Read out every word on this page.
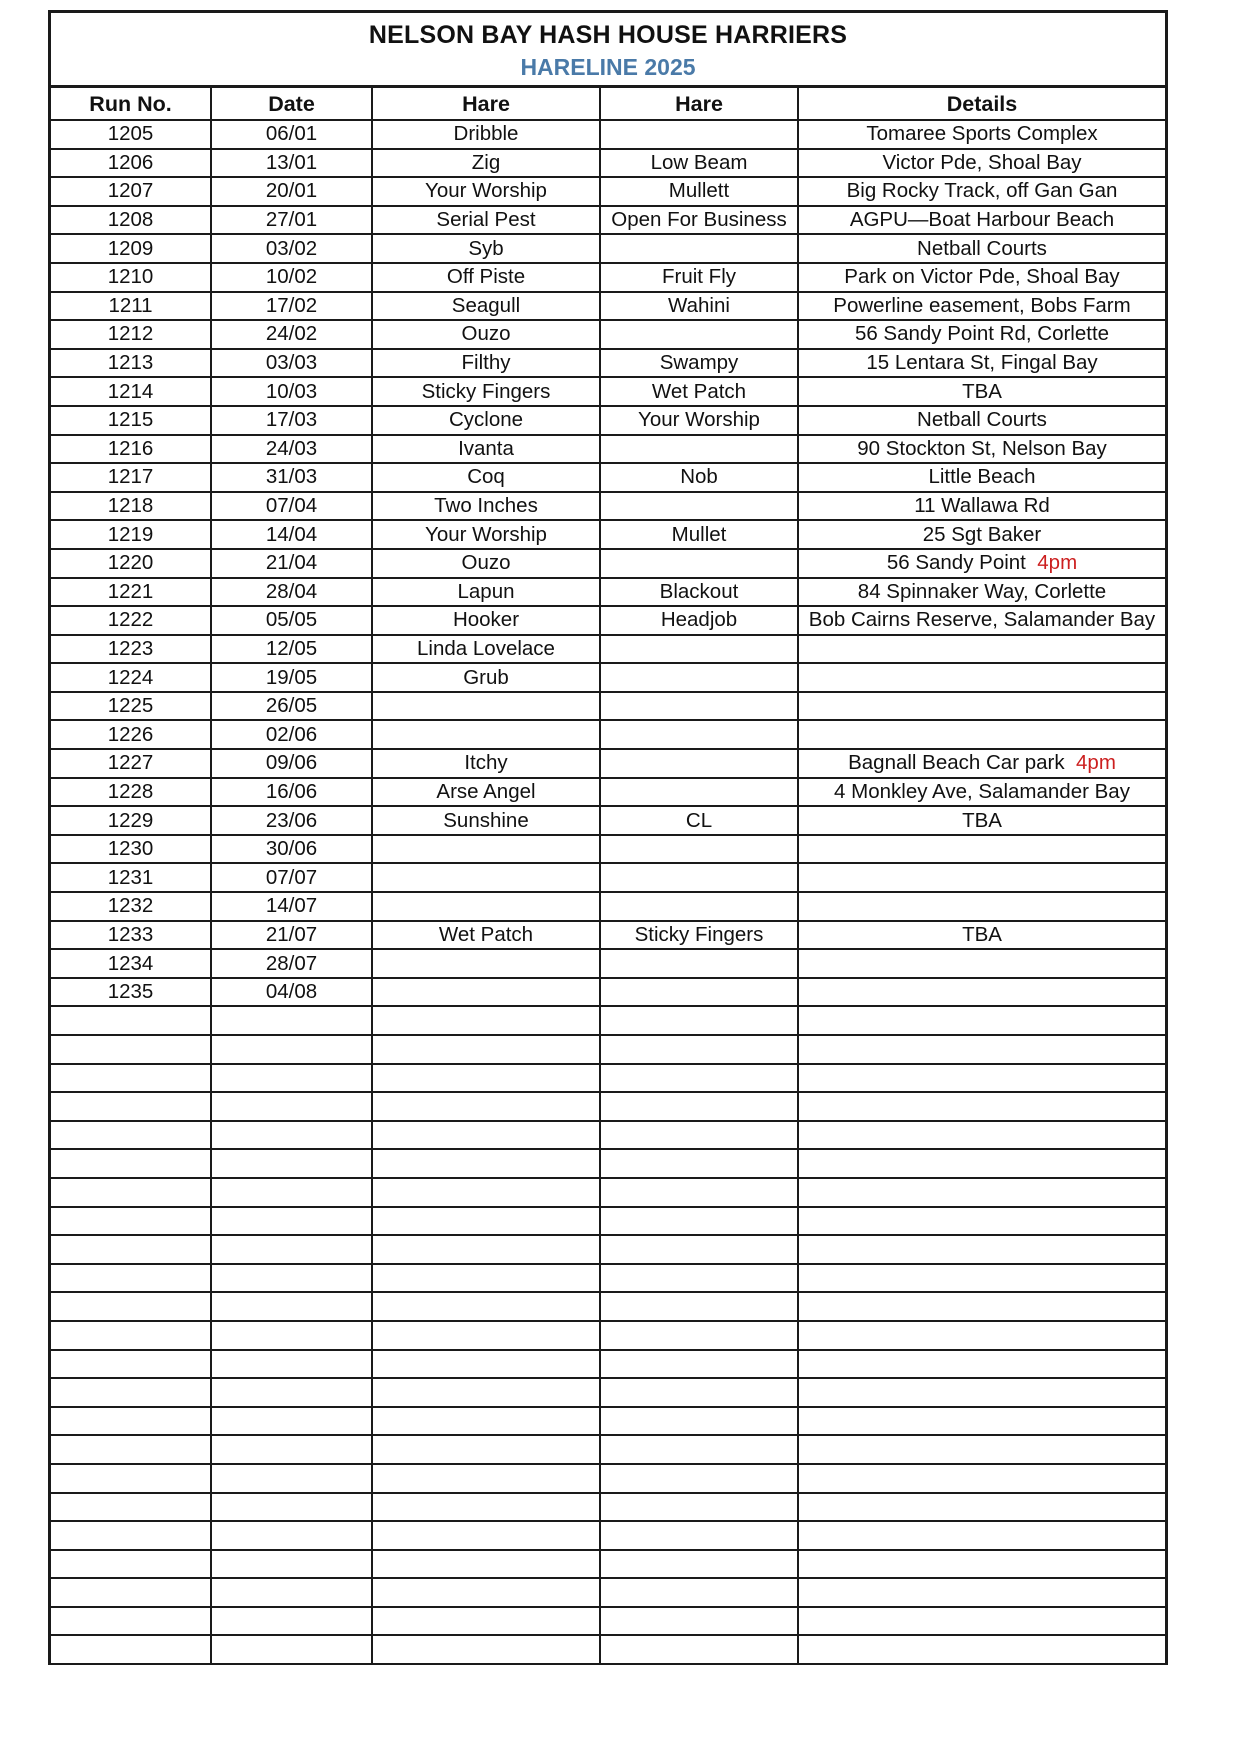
NELSON BAY HASH HOUSE HARRIERS
HARELINE 2025
Run No.	Date	Hare	Hare	Details
1205	06/01	Dribble		Tomaree Sports Complex
1206	13/01	Zig	Low Beam	Victor Pde, Shoal Bay
1207	20/01	Your Worship	Mullett	Big Rocky Track, off Gan Gan
1208	27/01	Serial Pest	Open For Business	AGPU—Boat Harbour Beach
1209	03/02	Syb		Netball Courts
1210	10/02	Off Piste	Fruit Fly	Park on Victor Pde, Shoal Bay
1211	17/02	Seagull	Wahini	Powerline easement, Bobs Farm
1212	24/02	Ouzo		56 Sandy Point Rd, Corlette
1213	03/03	Filthy	Swampy	15 Lentara St, Fingal Bay
1214	10/03	Sticky Fingers	Wet Patch	TBA
1215	17/03	Cyclone	Your Worship	Netball Courts
1216	24/03	Ivanta		90 Stockton St, Nelson Bay
1217	31/03	Coq	Nob	Little Beach
1218	07/04	Two Inches		11 Wallawa Rd
1219	14/04	Your Worship	Mullet	25 Sgt Baker
1220	21/04	Ouzo		56 Sandy Point 4pm
1221	28/04	Lapun	Blackout	84 Spinnaker Way, Corlette
1222	05/05	Hooker	Headjob	Bob Cairns Reserve, Salamander Bay
1223	12/05	Linda Lovelace		
1224	19/05	Grub		
1225	26/05			
1226	02/06			
1227	09/06	Itchy		Bagnall Beach Car park 4pm
1228	16/06	Arse Angel		4 Monkley Ave, Salamander Bay
1229	23/06	Sunshine	CL	TBA
1230	30/06			
1231	07/07			
1232	14/07			
1233	21/07	Wet Patch	Sticky Fingers	TBA
1234	28/07			
1235	04/08			
